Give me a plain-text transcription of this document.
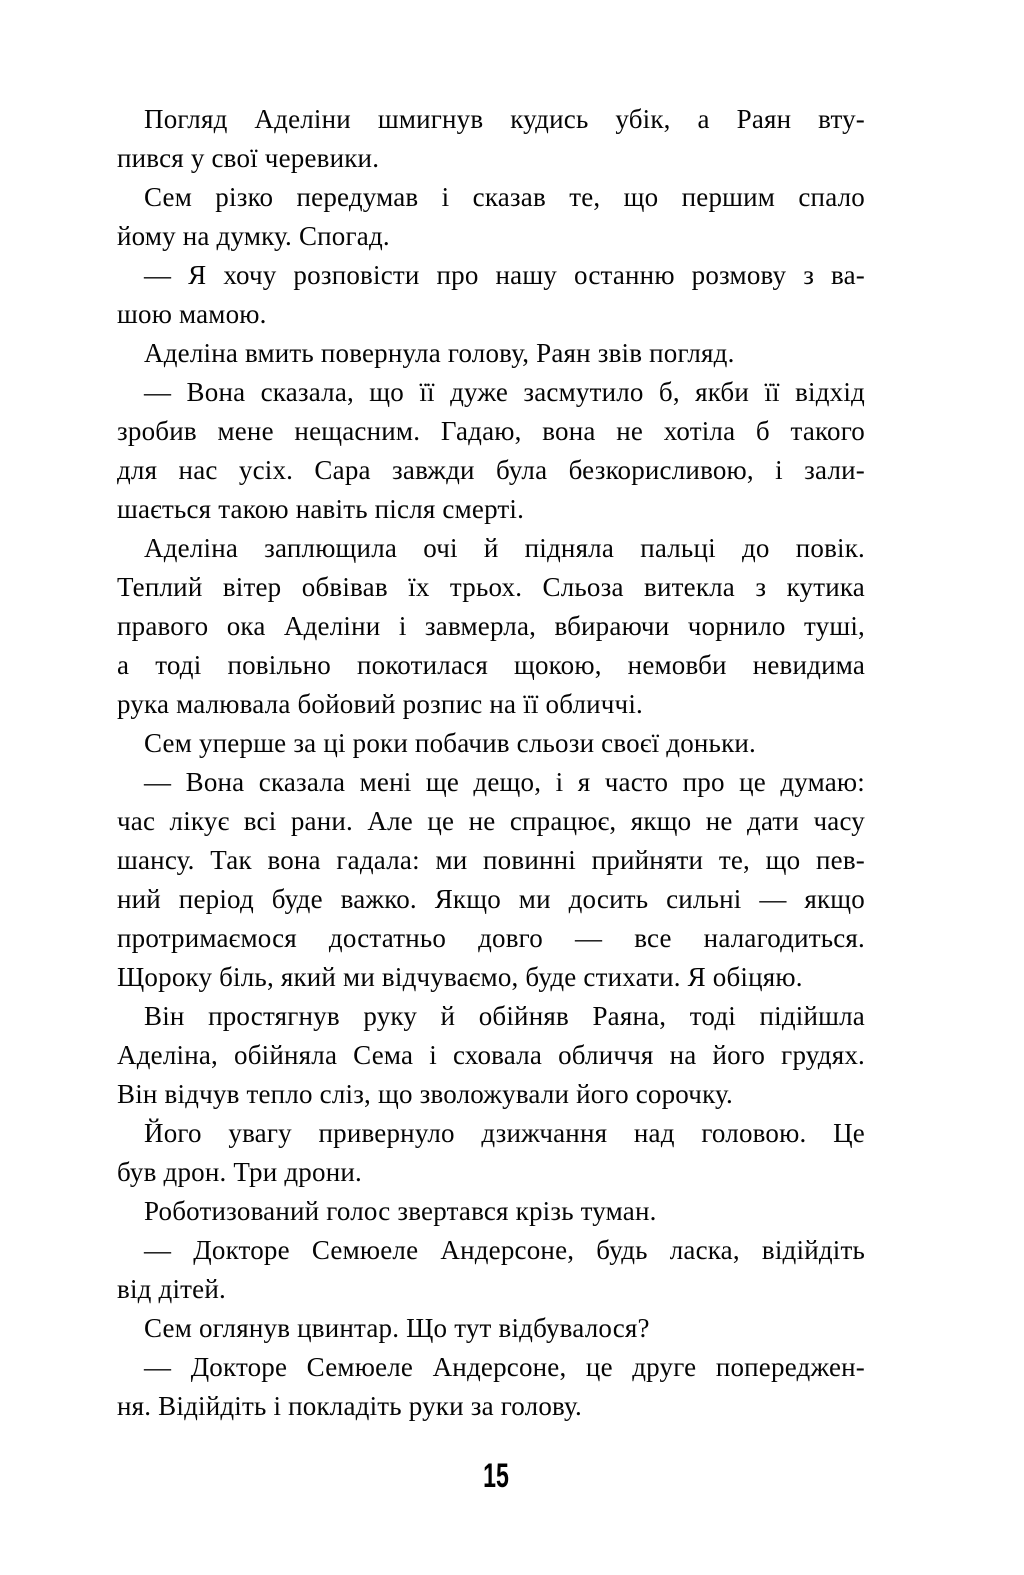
Погляд Аделіни шмигнув кудись убік, а Раян вту-
пився у свої черевики.
Сем різко передумав і сказав те, що першим спало
йому на думку. Спогад.
— Я хочу розповісти про нашу останню розмову з ва-
шою мамою.
Аделіна вмить повернула голову, Раян звів погляд.
— Вона сказала, що її дуже засмутило б, якби її відхід
зробив мене нещасним. Гадаю, вона не хотіла б такого
для нас усіх. Сара завжди була безкорисливою, і зали-
шається такою навіть після смерті.
Аделіна заплющила очі й підняла пальці до повік.
Теплий вітер обвівав їх трьох. Сльоза витекла з кутика
правого ока Аделіни і завмерла, вбираючи чорнило туші,
а тоді повільно покотилася щокою, немовби невидима
рука малювала бойовий розпис на її обличчі.
Сем уперше за ці роки побачив сльози своєї доньки.
— Вона сказала мені ще дещо, і я часто про це думаю:
час лікує всі рани. Але це не спрацює, якщо не дати часу
шансу. Так вона гадала: ми повинні прийняти те, що пев-
ний період буде важко. Якщо ми досить сильні — якщо
протримаємося достатньо довго — все налагодиться.
Щороку біль, який ми відчуваємо, буде стихати. Я обіцяю.
Він простягнув руку й обійняв Раяна, тоді підійшла
Аделіна, обійняла Сема і сховала обличчя на його грудях.
Він відчув тепло сліз, що зволожували його сорочку.
Його увагу привернуло дзижчання над головою. Це
був дрон. Три дрони.
Роботизований голос звертався крізь туман.
— Докторе Семюеле Андерсоне, будь ласка, відійдіть
від дітей.
Сем оглянув цвинтар. Що тут відбувалося?
— Докторе Семюеле Андерсоне, це друге попереджен-
ня. Відійдіть і покладіть руки за голову.
15
